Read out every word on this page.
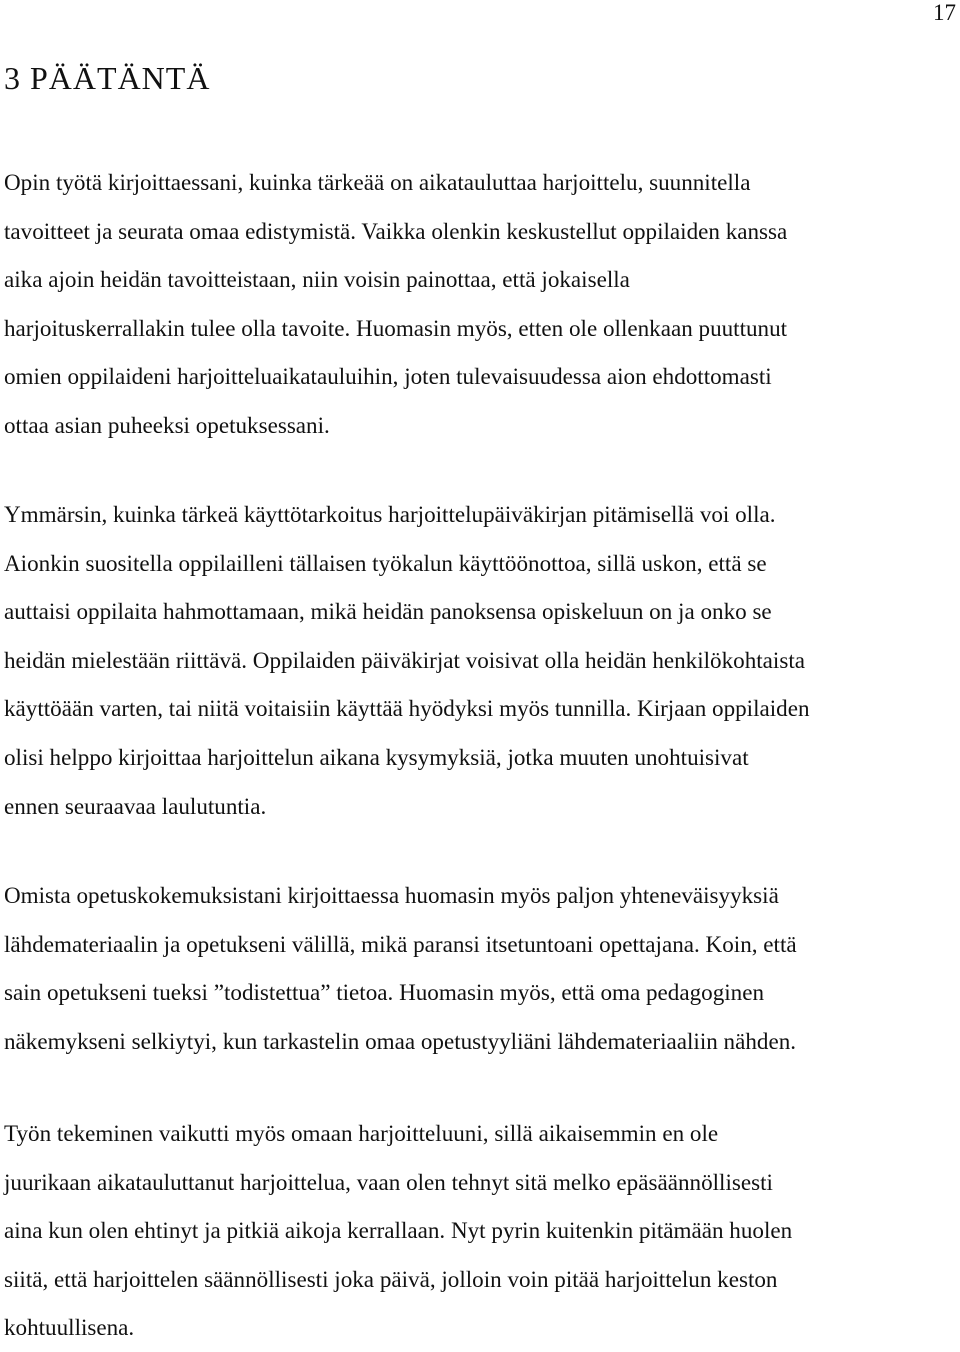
17
3 PÄÄTÄNTÄ

Opin työtä kirjoittaessani, kuinka tärkeää on aikatauluttaa harjoittelu, suunnitella
tavoitteet ja seurata omaa edistymistä. Vaikka olenkin keskustellut oppilaiden kanssa
aika ajoin heidän tavoitteistaan, niin voisin painottaa, että jokaisella
harjoituskerrallakin tulee olla tavoite. Huomasin myös, etten ole ollenkaan puuttunut
omien oppilaideni harjoitteluaikatauluihin, joten tulevaisuudessa aion ehdottomasti
ottaa asian puheeksi opetuksessani.

Ymmärsin, kuinka tärkeä käyttötarkoitus harjoittelupäiväkirjan pitämisellä voi olla.
Aionkin suositella oppilailleni tällaisen työkalun käyttöönottoa, sillä uskon, että se
auttaisi oppilaita hahmottamaan, mikä heidän panoksensa opiskeluun on ja onko se
heidän mielestään riittävä. Oppilaiden päiväkirjat voisivat olla heidän henkilökohtaista
käyttöään varten, tai niitä voitaisiin käyttää hyödyksi myös tunnilla. Kirjaan oppilaiden
olisi helppo kirjoittaa harjoittelun aikana kysymyksiä, jotka muuten unohtuisivat
ennen seuraavaa laulutuntia.

Omista opetuskokemuksistani kirjoittaessa huomasin myös paljon yhteneväisyyksiä
lähdemateriaalin ja opetukseni välillä, mikä paransi itsetuntoani opettajana. Koin, että
sain opetukseni tueksi ”todistettua” tietoa. Huomasin myös, että oma pedagoginen
näkemykseni selkiytyi, kun tarkastelin omaa opetustyyliäni lähdemateriaaliin nähden.

Työn tekeminen vaikutti myös omaan harjoitteluuni, sillä aikaisemmin en ole
juurikaan aikatauluttanut harjoittelua, vaan olen tehnyt sitä melko epäsäännöllisesti
aina kun olen ehtinyt ja pitkiä aikoja kerrallaan. Nyt pyrin kuitenkin pitämään huolen
siitä, että harjoittelen säännöllisesti joka päivä, jolloin voin pitää harjoittelun keston
kohtuullisena.
